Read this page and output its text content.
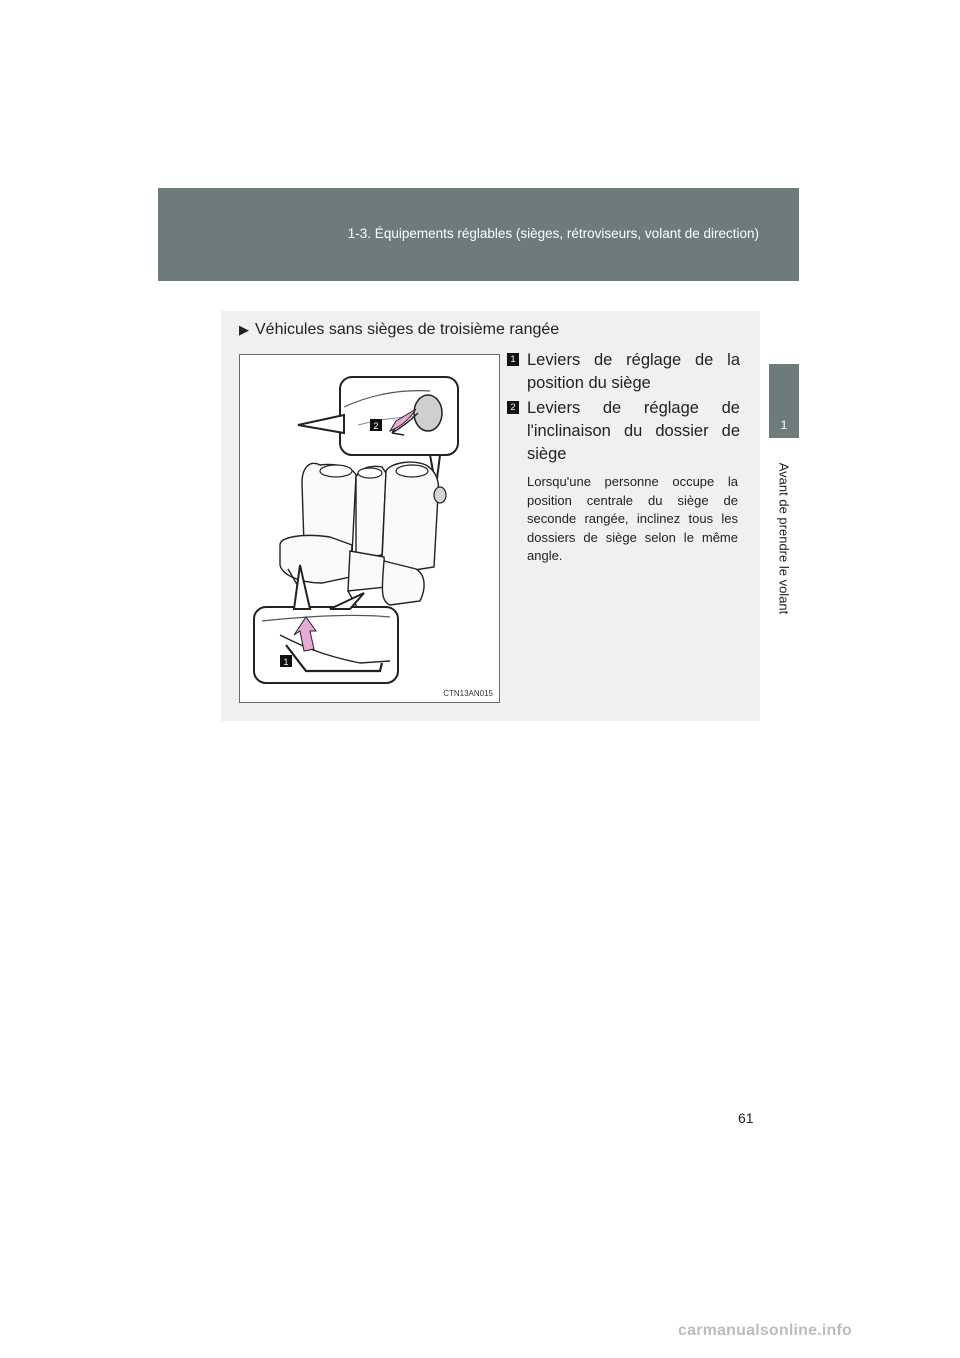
1-3. Équipements réglables (sièges, rétroviseurs, volant de direction)
1
Avant de prendre le volant
▶ Véhicules sans sièges de troisième rangée
2
1
CTN13AN015
1 Leviers de réglage de la position du siège
2 Leviers de réglage de l'inclinaison du dossier de siège
Lorsqu'une personne occupe la position centrale du siège de seconde rangée, inclinez tous les dossiers de siège selon le même angle.
61
carmanualsonline.info
